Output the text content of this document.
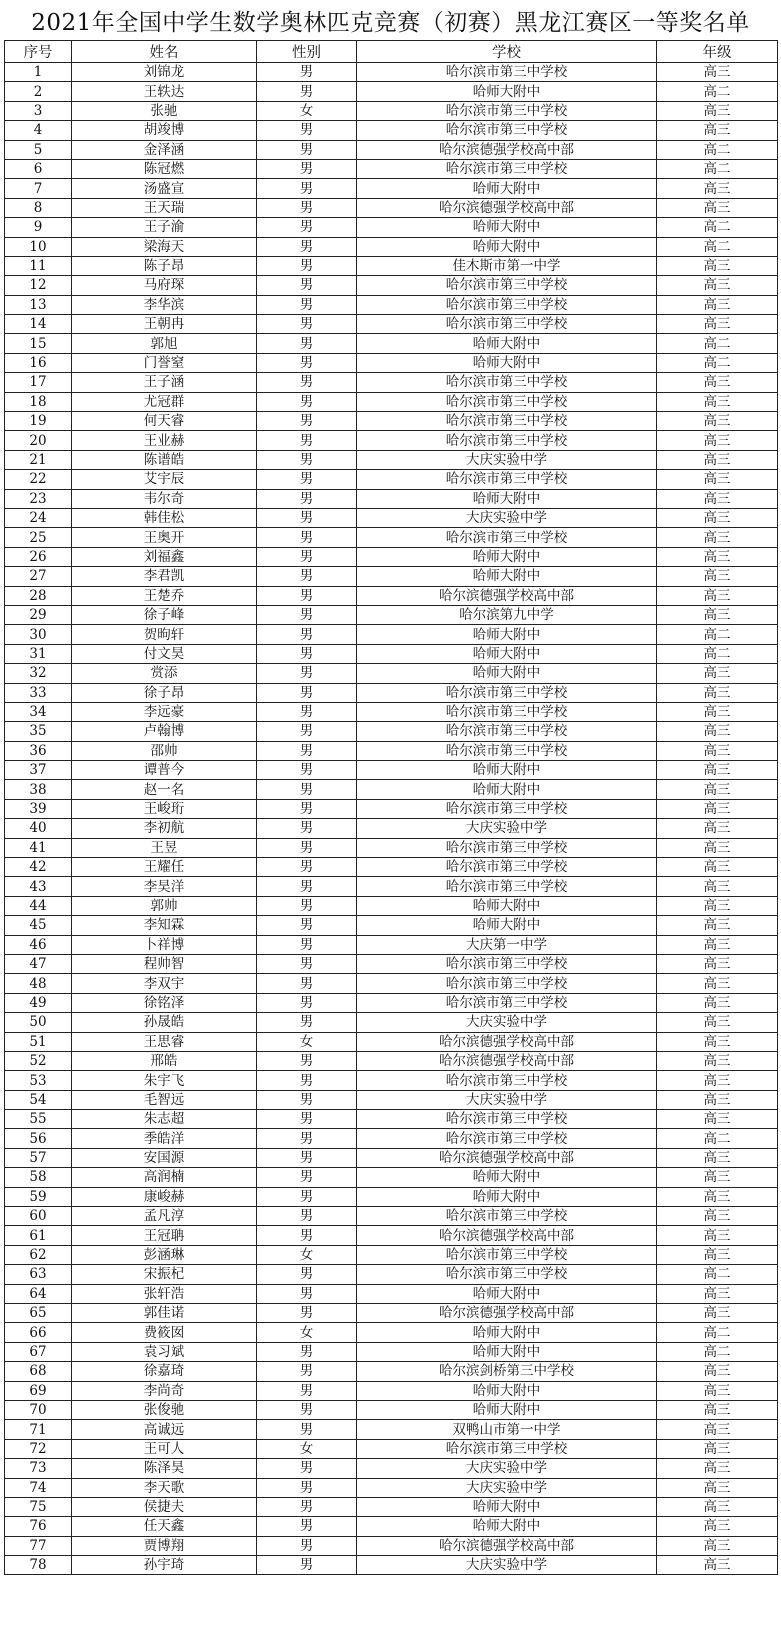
2021年全国中学生数学奥林匹克竞赛（初赛）黑龙江赛区一等奖名单
序号	姓名	性别	学校	年级
1	刘锦龙	男	哈尔滨市第三中学校	高三
2	王轶达	男	哈师大附中	高二
3	张驰	女	哈尔滨市第三中学校	高三
4	胡竣博	男	哈尔滨市第三中学校	高三
5	金泽涵	男	哈尔滨德强学校高中部	高二
6	陈冠燃	男	哈尔滨市第三中学校	高二
7	汤盛宣	男	哈师大附中	高三
8	王天瑞	男	哈尔滨德强学校高中部	高三
9	王子渝	男	哈师大附中	高二
10	梁海天	男	哈师大附中	高二
11	陈子昂	男	佳木斯市第一中学	高三
12	马府琛	男	哈尔滨市第三中学校	高三
13	李华滨	男	哈尔滨市第三中学校	高三
14	王朝冉	男	哈尔滨市第三中学校	高三
15	郭旭	男	哈师大附中	高二
16	门誉窒	男	哈师大附中	高二
17	王子涵	男	哈尔滨市第三中学校	高三
18	尤冠群	男	哈尔滨市第三中学校	高三
19	何天睿	男	哈尔滨市第三中学校	高三
20	王业赫	男	哈尔滨市第三中学校	高三
21	陈谱皓	男	大庆实验中学	高三
22	艾宇辰	男	哈尔滨市第三中学校	高三
23	韦尔奇	男	哈师大附中	高三
24	韩佳松	男	大庆实验中学	高三
25	王奥开	男	哈尔滨市第三中学校	高三
26	刘福鑫	男	哈师大附中	高三
27	李君凯	男	哈师大附中	高三
28	王楚乔	男	哈尔滨德强学校高中部	高三
29	徐子峰	男	哈尔滨第九中学	高三
30	贺昫轩	男	哈师大附中	高二
31	付文昊	男	哈师大附中	高二
32	赏添	男	哈师大附中	高三
33	徐子昂	男	哈尔滨市第三中学校	高三
34	李远豪	男	哈尔滨市第三中学校	高三
35	卢翰博	男	哈尔滨市第三中学校	高三
36	邵帅	男	哈尔滨市第三中学校	高三
37	谭普今	男	哈师大附中	高三
38	赵一名	男	哈师大附中	高三
39	王峻珩	男	哈尔滨市第三中学校	高三
40	李初航	男	大庆实验中学	高三
41	王昱	男	哈尔滨市第三中学校	高三
42	王耀任	男	哈尔滨市第三中学校	高三
43	李昊洋	男	哈尔滨市第三中学校	高三
44	郭帅	男	哈师大附中	高三
45	李知霖	男	哈师大附中	高三
46	卜祥博	男	大庆第一中学	高三
47	程帅智	男	哈尔滨市第三中学校	高三
48	李双宇	男	哈尔滨市第三中学校	高三
49	徐铭泽	男	哈尔滨市第三中学校	高三
50	孙晟皓	男	大庆实验中学	高三
51	王思睿	女	哈尔滨德强学校高中部	高三
52	邢皓	男	哈尔滨德强学校高中部	高三
53	朱宇飞	男	哈尔滨市第三中学校	高三
54	毛智远	男	大庆实验中学	高三
55	朱志超	男	哈尔滨市第三中学校	高三
56	季皓洋	男	哈尔滨市第三中学校	高二
57	安国源	男	哈尔滨德强学校高中部	高三
58	高润楠	男	哈师大附中	高三
59	康峻赫	男	哈师大附中	高三
60	孟凡淳	男	哈尔滨市第三中学校	高三
61	王冠聃	男	哈尔滨德强学校高中部	高三
62	彭涵琳	女	哈尔滨市第三中学校	高三
63	宋振杞	男	哈尔滨市第三中学校	高二
64	张轩浩	男	哈师大附中	高三
65	郭佳诺	男	哈尔滨德强学校高中部	高三
66	费筱囡	女	哈师大附中	高二
67	袁习斌	男	哈师大附中	高二
68	徐嘉琦	男	哈尔滨剑桥第三中学校	高三
69	李尚奇	男	哈师大附中	高三
70	张俊驰	男	哈师大附中	高三
71	高诚远	男	双鸭山市第一中学	高三
72	王可人	女	哈尔滨市第三中学校	高三
73	陈泽昊	男	大庆实验中学	高三
74	李天歌	男	大庆实验中学	高三
75	侯捷夫	男	哈师大附中	高三
76	任天鑫	男	哈师大附中	高三
77	贾博翔	男	哈尔滨德强学校高中部	高三
78	孙宇琦	男	大庆实验中学	高三
